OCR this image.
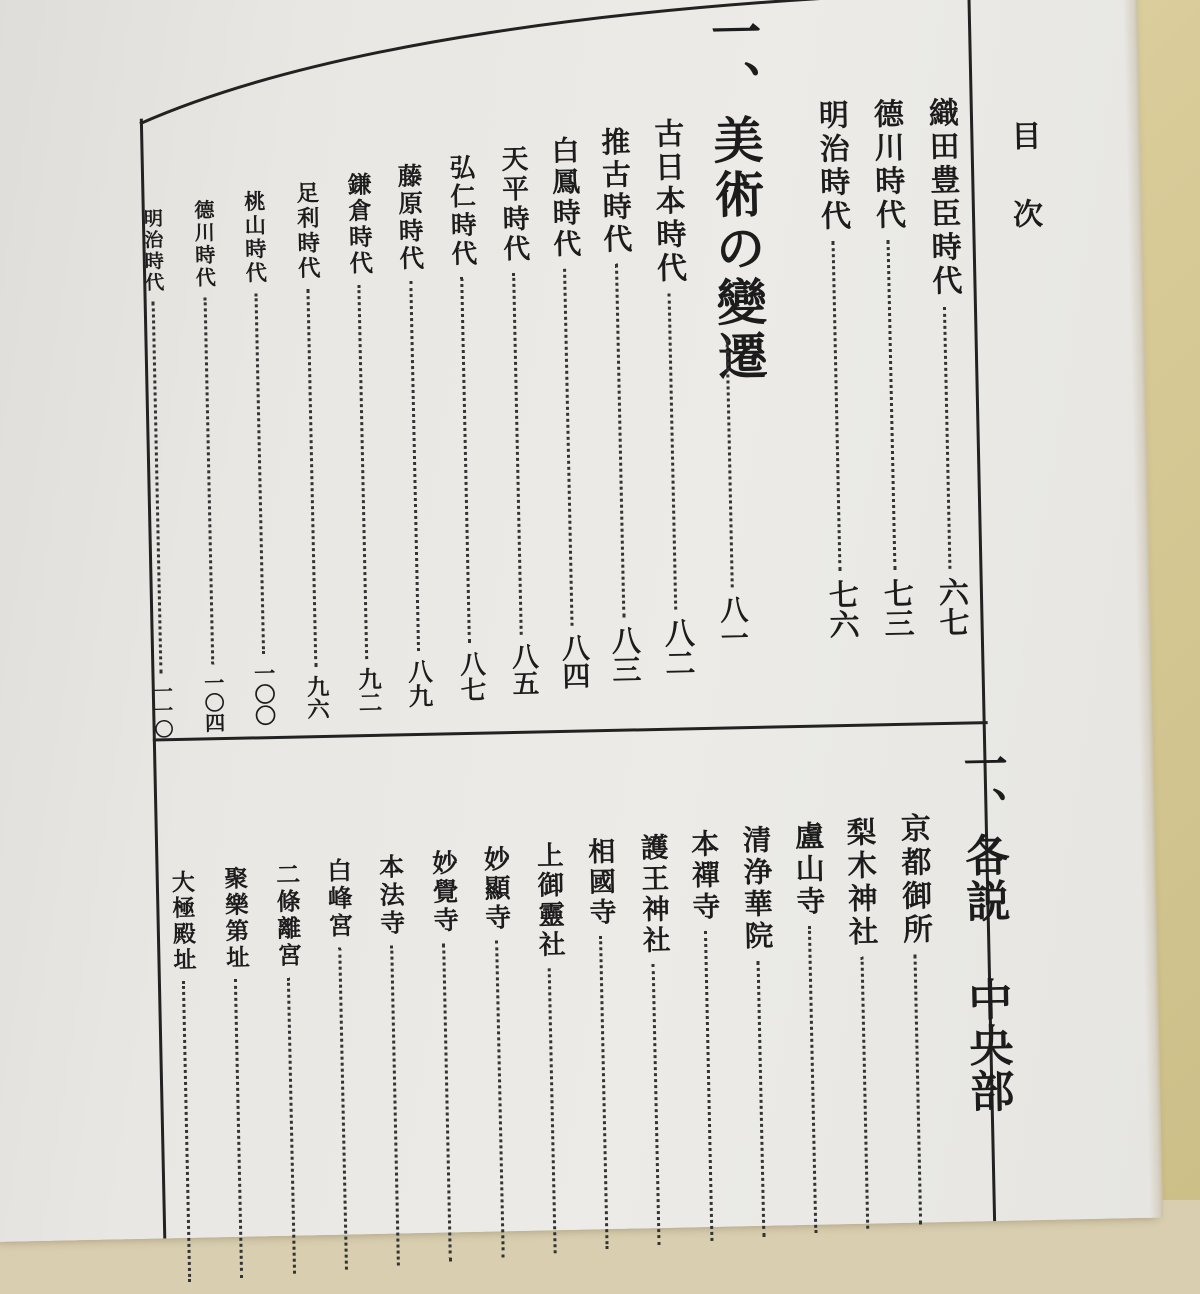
目次
織田豊臣時代
六七
德川時代
七三
明治時代
七六
一、美術の變遷
八一
古日本時代
八二
推古時代
八三
白鳳時代
八四
天平時代
八五
弘仁時代
八七
藤原時代
八九
鎌倉時代
九二
足利時代
九六
桃山時代
一〇〇
德川時代
一〇四
明治時代
一一〇
一、各説 中央部
京都御所
梨木神社
盧山寺
清浄華院
本禪寺
護王神社
相國寺
上御靈社
妙顯寺
妙覺寺
本法寺
白峰宮
二條離宮
聚樂第址
大極殿址
